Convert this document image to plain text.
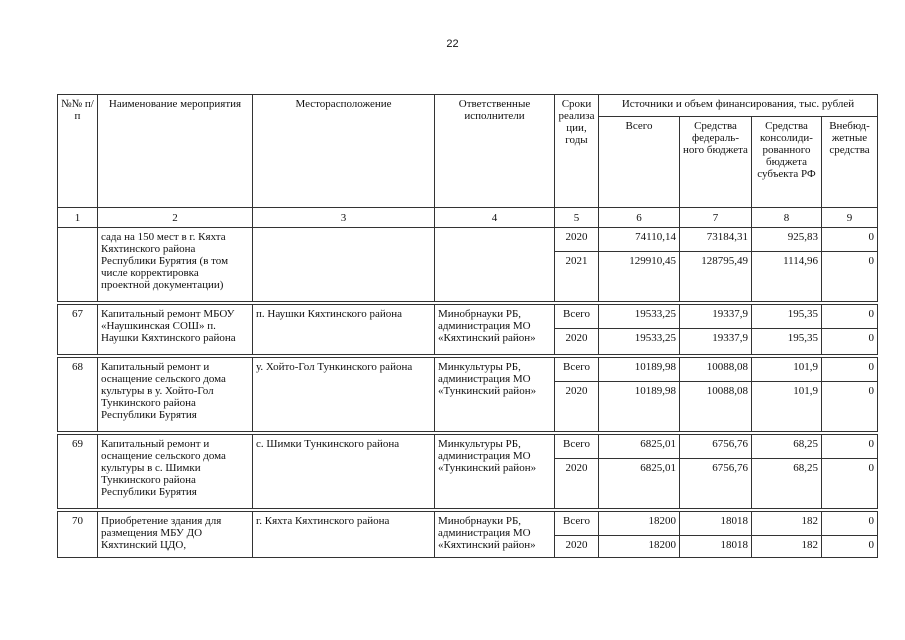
22
№№ п/п	Наименование мероприятия	Месторасположение	Ответственные исполнители	Сроки реализа ции, годы	Источники и объем финансирования, тыс. рублей			
					Всего	Средства федераль- ного бюджета	Средства консолиди- рованного бюджета субъекта РФ	Внебюд- жетные средства
1	2	3	4	5	6	7	8	9
	сада на 150 мест в г. Кяхта Кяхтинского района Республики Бурятия (в том числе корректировка проектной документации)			2020	74110,14	73184,31	925,83	0
				2021	129910,45	128795,49	1114,96	0

67	Капитальный ремонт МБОУ «Наушкинская СОШ» п. Наушки Кяхтинского района	п. Наушки Кяхтинского района	Минобрнауки РБ, администрация МО «Кяхтинский район»	Всего	19533,25	19337,9	195,35	0
				2020	19533,25	19337,9	195,35	0

68	Капитальный ремонт и оснащение сельского дома культуры в у. Хойто-Гол Тункинского района Республики Бурятия	у. Хойто-Гол Тункинского района	Минкультуры РБ, администрация МО «Тункинский район»	Всего	10189,98	10088,08	101,9	0
				2020	10189,98	10088,08	101,9	0

69	Капитальный ремонт и оснащение сельского дома культуры в с. Шимки Тункинского района Республики Бурятия	с. Шимки Тункинского района	Минкультуры РБ, администрация МО «Тункинский район»	Всего	6825,01	6756,76	68,25	0
				2020	6825,01	6756,76	68,25	0

70	Приобретение здания для размещения МБУ ДО Кяхтинский ЦДО,	г. Кяхта Кяхтинского района	Минобрнауки РБ, администрация МО «Кяхтинский район»	Всего	18200	18018	182	0
				2020	18200	18018	182	0
